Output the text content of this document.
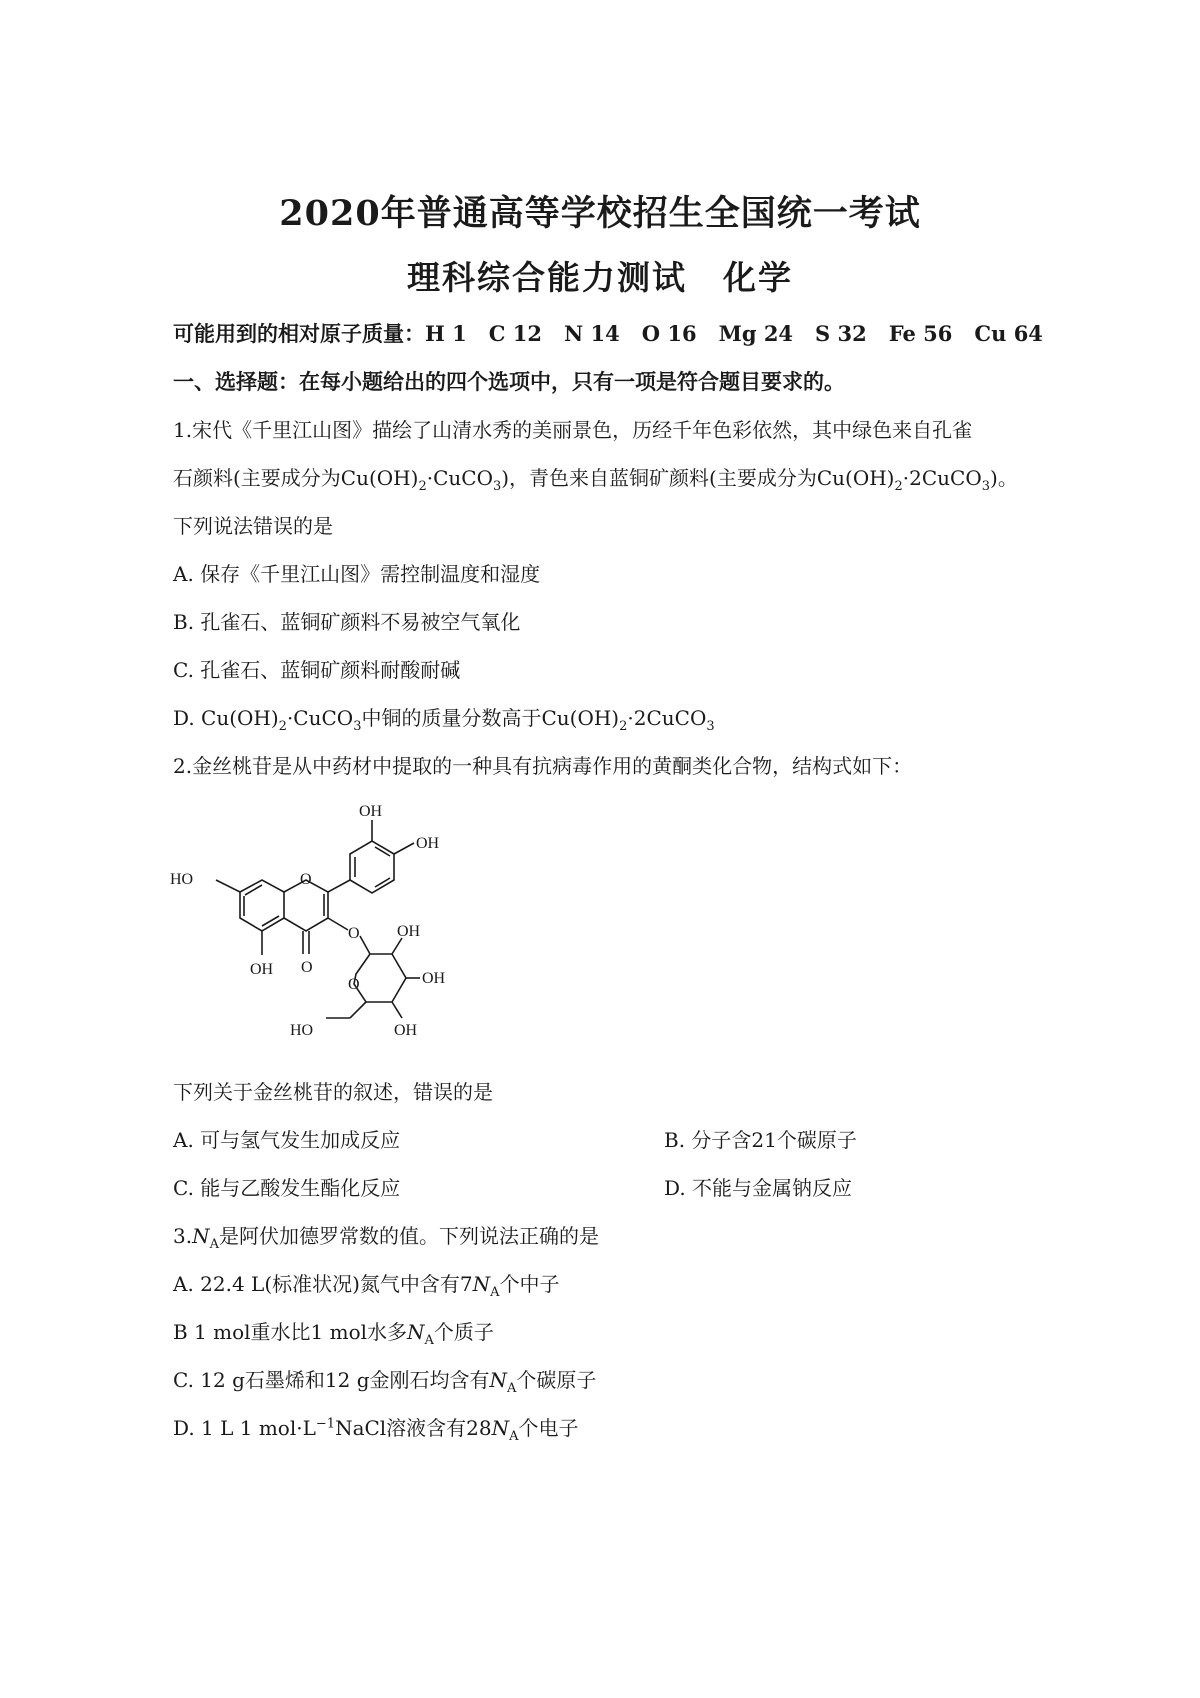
2020年普通高等学校招生全国统一考试
理科综合能力测试 化学
可能用到的相对原子质量：H 1 C 12 N 14 O 16 Mg 24 S 32 Fe 56 Cu 64
一、选择题：在每小题给出的四个选项中，只有一项是符合题目要求的。
1.宋代《千里江山图》描绘了山清水秀的美丽景色，历经千年色彩依然，其中绿色来自孔雀
石颜料(主要成分为$Cu(OH)_2\cdot CuCO_3$)，青色来自蓝铜矿颜料(主要成分为$Cu(OH)_2\cdot 2CuCO_3$)。
下列说法错误的是
A. 保存《千里江山图》需控制温度和湿度
B. 孔雀石、蓝铜矿颜料不易被空气氧化
C. 孔雀石、蓝铜矿颜料耐酸耐碱
D. $Cu(OH)_2\cdot CuCO_3$中铜的质量分数高于$Cu(OH)_2\cdot 2CuCO_3$
2.金丝桃苷是从中药材中提取的一种具有抗病毒作用的黄酮类化合物，结构式如下：
OH
OH
HO	O
O
OH O
OH
OH
O
OH
HO
下列关于金丝桃苷的叙述，错误的是
A. 可与氢气发生加成反应	B. 分子含21个碳原子
C. 能与乙酸发生酯化反应	D. 不能与金属钠反应
$3.N_A$是阿伏加德罗常数的值。下列说法正确的是
A. 22.4 L(标准状况)氮气中含有$7N_A$个中子
B 1 mol重水比1 mol水多$N_A$个质子
C. 12 g石墨烯和12 g金刚石均含有$N_A$个碳原子
D. 1 L 1 $mol\cdot L^{-1}NaCl$溶液含有$28N_A$个电子
